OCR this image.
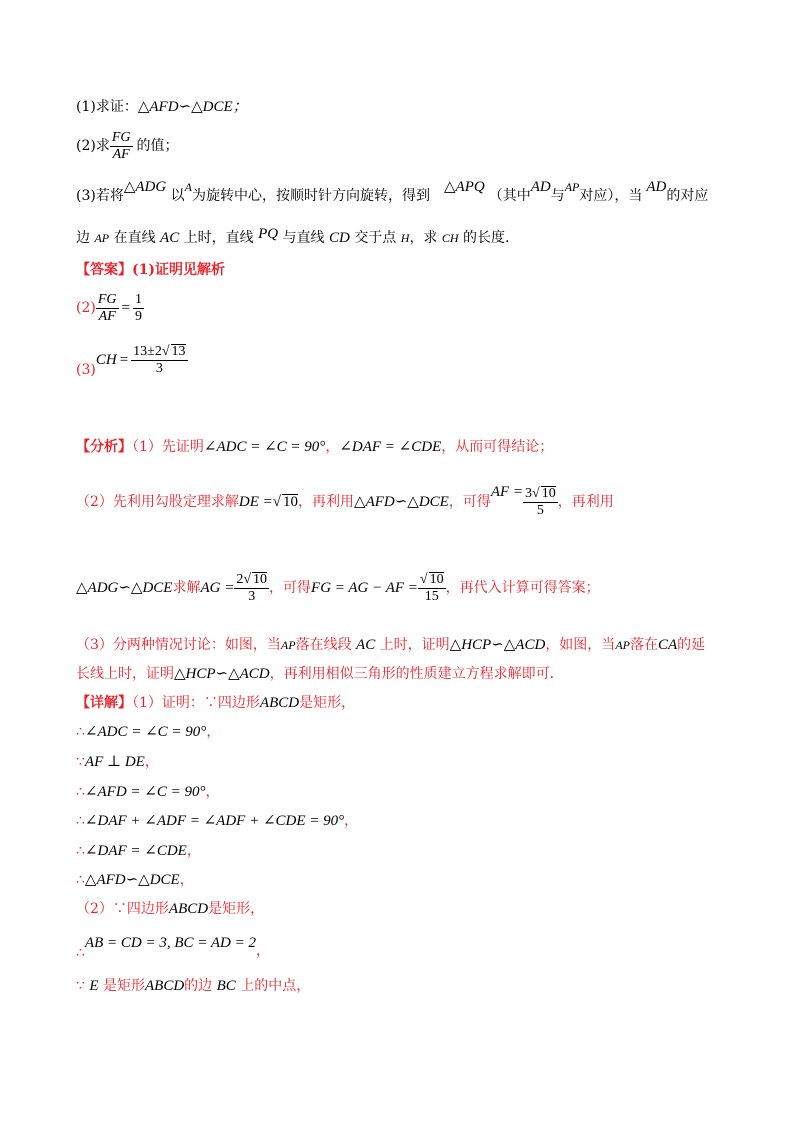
(1)求证：△AFD∽△DCE；
(2)求 $\frac{FG}{AF}$ 的值；
(3)若将△ADG 以A为旋转中心，按顺时针方向旋转，得到△APQ（其中AD与AP对应），当AD的对应
边 AP 在直线 AC 上时，直线 PQ 与直线 CD 交于点 H，求 CH 的长度.
【答案】(1)证明见解析
$(2) \frac{FG}{AF} = \frac{1}{9}$
$(3)CH = \frac{13\pm 2√ 13}{3}$
【分析】（1）先证明∠ADC = ∠C = 90°，∠DAF = ∠CDE，从而可得结论；
（2）先利用勾股定理求解DE =√ 10，再利用△AFD∽△DCE，可得AF = $\frac{3√ 10}{5}$ ，再利用
△ADG∽△DCE求解AG = $\frac{2√ 10}{3}$ ，可得FG = AG − AF = $\frac{√ 10}{15}$ ，再代入计算可得答案；
（3）分两种情况讨论：如图，当AP落在线段 AC 上时，证明△HCP∽△ACD，如图，当AP落在CA的延
长线上时，证明△HCP∽△ACD，再利用相似三角形的性质建立方程求解即可.
【详解】（1）证明：∵四边形ABCD是矩形，
∴∠ADC = ∠C = 90°，
∵AF ⊥ DE，
∴∠AFD = ∠C = 90°，
∴∠DAF + ∠ADF = ∠ADF + ∠CDE = 90°，
∴∠DAF = ∠CDE，
∴△AFD∽△DCE，
（2）∵四边形ABCD是矩形，
∴AB = CD = 3, BC = AD = 2，
∵ E 是矩形ABCD的边 BC 上的中点，
